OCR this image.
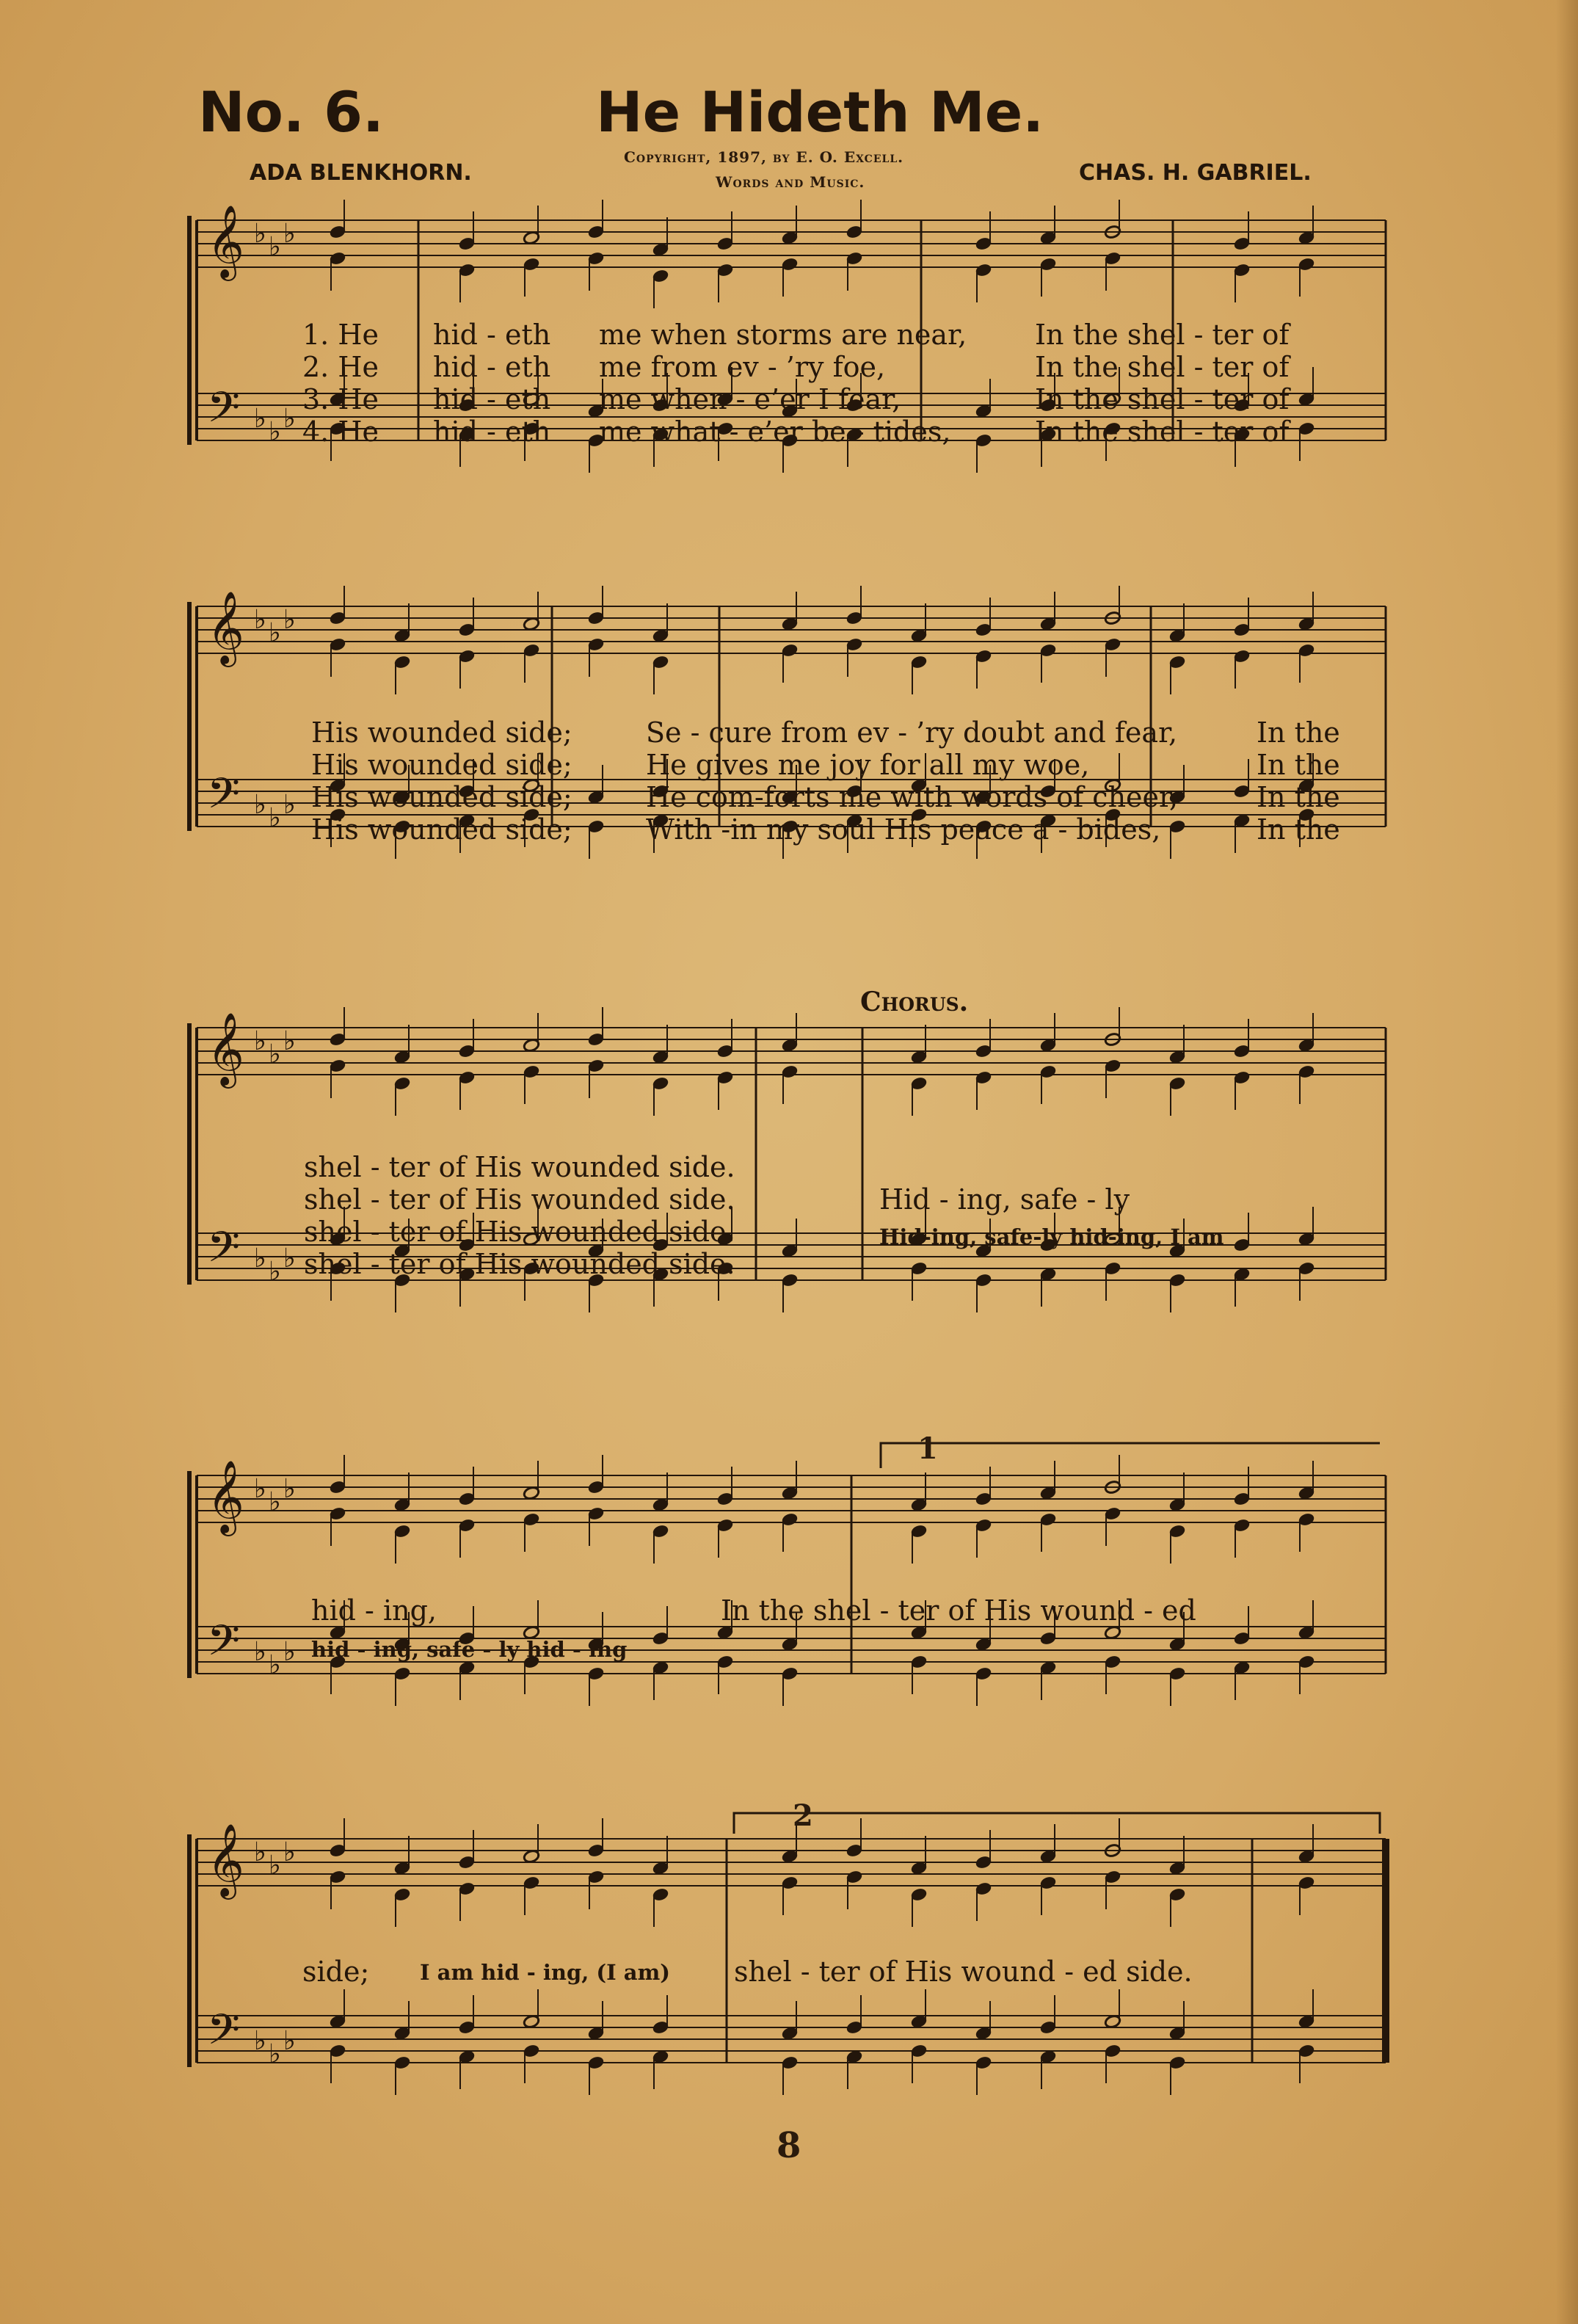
No. 6.	He Hideth Me.
ADA BLENKHORN.	CHAS. H. GABRIEL.
Copyright, 1897, by E. O. Excell.
Words and Music.
𝄞
𝄢
♭
♭
♭
♭
♭
♭
𝄞
𝄢
♭
♭
♭
♭
♭
♭
𝄞
𝄢
♭
♭
♭
♭
♭
♭
𝄞
𝄢
♭
♭
♭
♭
♭
♭
𝄞
𝄢
♭
♭
♭
♭
♭
♭
1. He
2. He
3. He
4. He
hid - eth
hid - eth
hid - eth
hid - eth
me when storms are near,
me from ev - ’ry foe,
me when - e’er I fear,
me what - e’er be - tides,
In the shel - ter of
In the shel - ter of
In the shel - ter of
In the shel - ter of
His wounded side;
His wounded side;
His wounded side;
His wounded side;
Se - cure from ev - ’ry doubt and fear,
He gives me joy for all my woe,
He com-forts me with words of cheer,
With -in my soul His peace a - bides,
In the
In the
In the
In the
Chorus.
shel - ter of His wounded side.
shel - ter of His wounded side.
shel - ter of His wounded side.
shel - ter of His wounded side.
Hid - ing, safe - ly
Hid-ing, safe-ly hid-ing, I am
hid - ing,	In the shel - ter of His wound - ed
hid - ing, safe - ly hid - ing
1
side; I am hid - ing, (I am) shel - ter of His wound - ed side.
2
8
